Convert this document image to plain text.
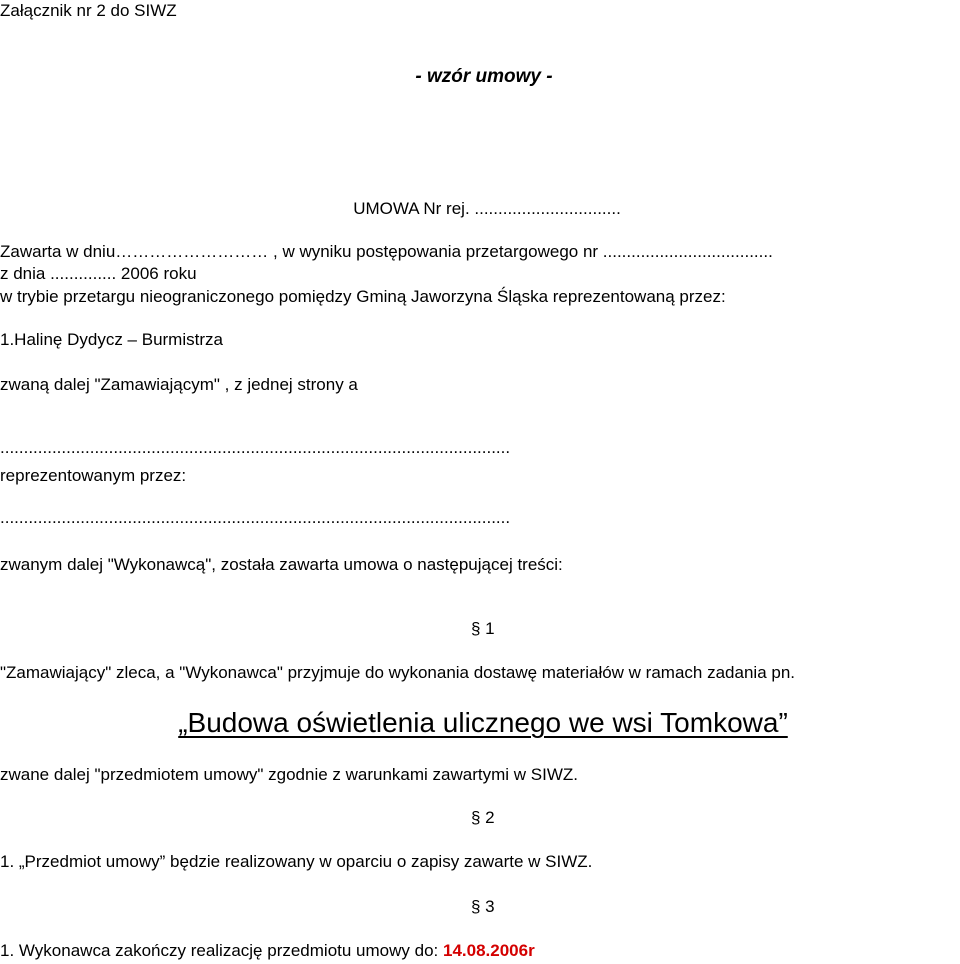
Załącznik nr 2 do SIWZ
- wzór umowy -
UMOWA Nr rej. ...............................
Zawarta w dniu……………………… , w wyniku postępowania przetargowego nr ....................................
z dnia .............. 2006 roku
w trybie przetargu nieograniczonego pomiędzy Gminą Jaworzyna Śląska reprezentowaną przez:
1.Halinę Dydycz – Burmistrza
zwaną dalej "Zamawiającym" , z jednej strony a
............................................................................................................
reprezentowanym przez:
............................................................................................................
zwanym dalej "Wykonawcą", została zawarta umowa o następującej treści:
§ 1
"Zamawiający" zleca, a "Wykonawca" przyjmuje do wykonania dostawę materiałów w ramach zadania pn.
„Budowa oświetlenia ulicznego we wsi Tomkowa”
zwane dalej "przedmiotem umowy" zgodnie z warunkami zawartymi w SIWZ.
§ 2
1. „Przedmiot umowy” będzie realizowany w oparciu o zapisy zawarte w SIWZ.
§ 3
1. Wykonawca zakończy realizację przedmiotu umowy do: 14.08.2006r
